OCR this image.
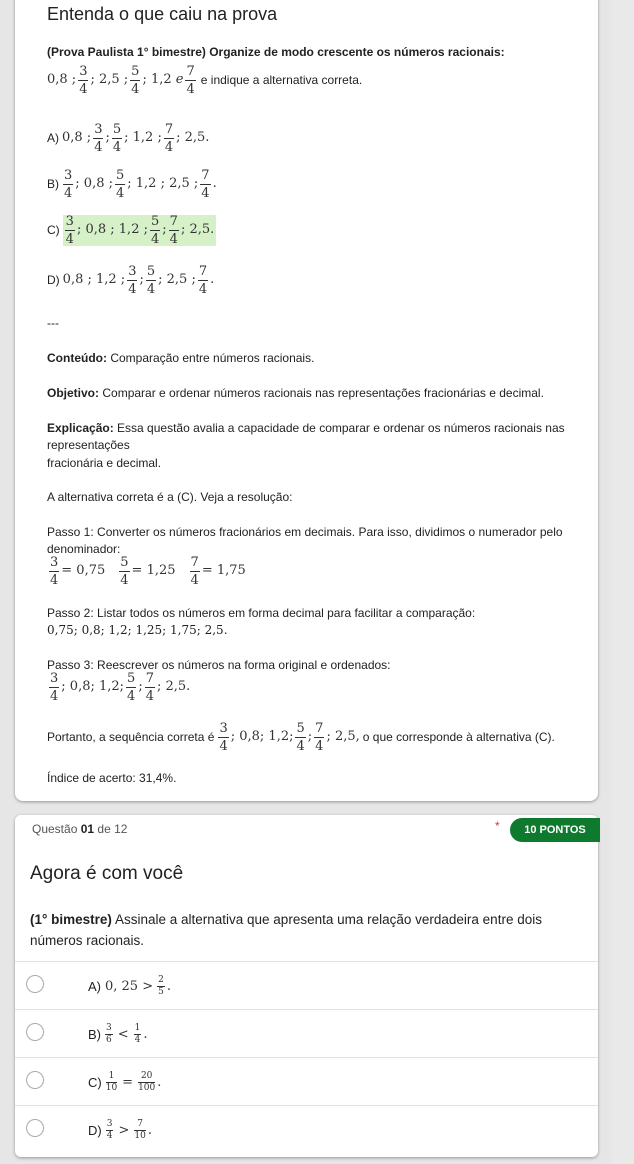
Entenda o que caiu na prova
(Prova Paulista 1° bimestre) Organize de modo crescente os números racionais:
0,8 ; $\frac{3}{4}$ ; 2,5 ; $\frac{5}{4}$ ; 1,2 e $\frac{7}{4}$ e indique a alternativa correta.
A) 0,8 ; $\frac{3}{4}$ ; $\frac{5}{4}$ ; 1,2 ; $\frac{7}{4}$ ; 2,5.
$B) \frac{3}{4}$ ; 0,8 ; $\frac{5}{4}$ ; 1,2 ; 2,5 ; $\frac{7}{4}$ .
$C) \frac{3}{4}$ ; 0,8 ; 1,2 ; $\frac{5}{4}$ ; $\frac{7}{4}$ ; 2,5.
D) 0,8 ; 1,2 ; $\frac{3}{4}$ ; $\frac{5}{4}$ ; 2,5 ; $\frac{7}{4}$ .
---
Conteúdo: Comparação entre números racionais.
Objetivo: Comparar e ordenar números racionais nas representações fracionárias e decimal.
Explicação: Essa questão avalia a capacidade de comparar e ordenar os números racionais nas
representações
fracionária e decimal.
A alternativa correta é a (C). Veja a resolução:
Passo 1: Converter os números fracionários em decimais. Para isso, dividimos o numerador pelo
denominador:
$\frac{3}{4} = 0,75 \frac{5}{4} = 1,25 \frac{7}{4} = 1,75$
Passo 2: Listar todos os números em forma decimal para facilitar a comparação:
0,75; 0,8; 1,2; 1,25; 1,75; 2,5.
Passo 3: Reescrever os números na forma original e ordenados:
$\frac{3}{4}$ ; 0,8; 1,2; $\frac{5}{4}$ ; $\frac{7}{4}$ ; 2,5.
Portanto, a sequência correta é $\frac{3}{4}$ ; 0,8; 1,2; $\frac{5}{4}$ ; $\frac{7}{4}$ ; 2,5, o que corresponde à alternativa (C).
Índice de acerto: 31,4%.
Questão 01 de 12	*	10 PONTOS
Agora é com você
(1° bimestre) Assinale a alternativa que apresenta uma relação verdadeira entre dois números racionais.
A) 0, 25 > 2
5 .
B) 3
6 < 1
4 .
$C) \frac{1}{10} = \frac{20}{100}$ .
D) 3
4 > 7
10 .
